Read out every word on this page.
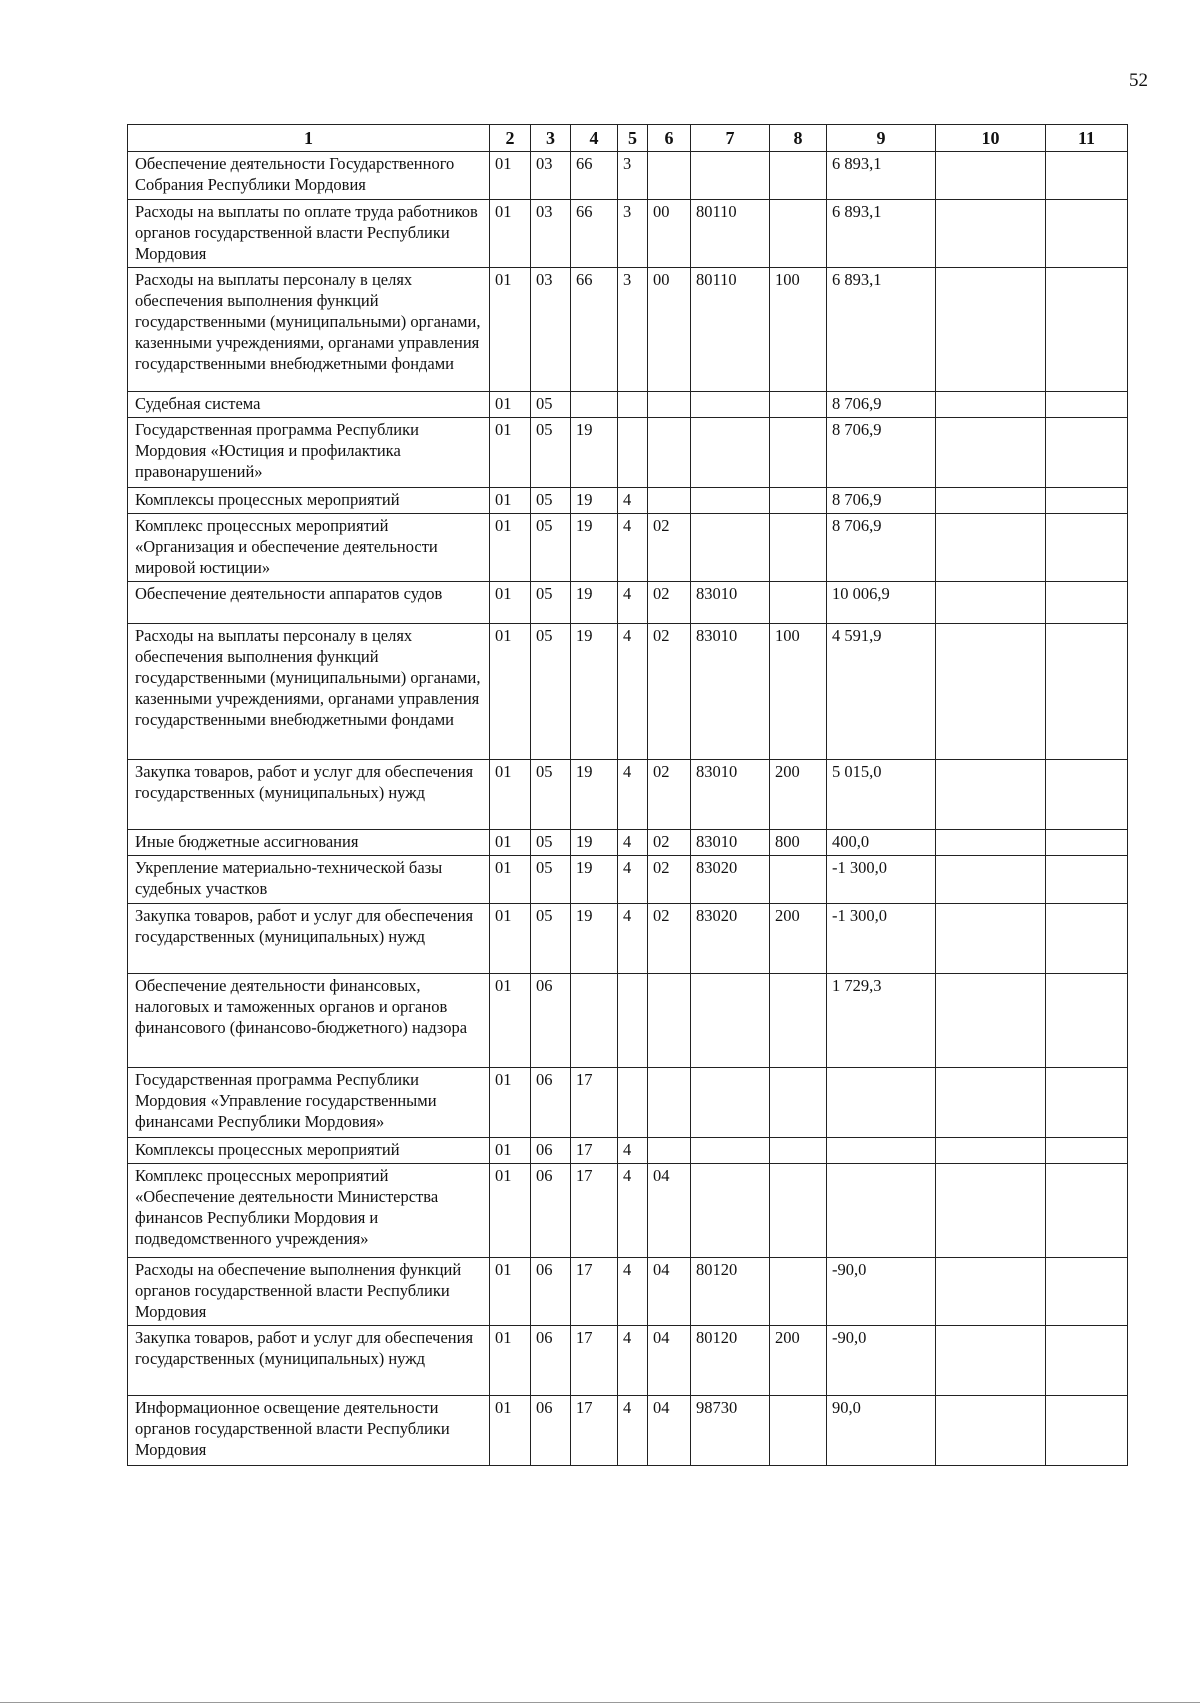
52
1	2	3	4	5	6	7	8	9	10	11
Обеспечение деятельности Государственного Собрания Республики Мордовия	01	03	66	3				6 893,1		
Расходы на выплаты по оплате труда работников органов государственной власти Республики Мордовия	01	03	66	3	00	80110		6 893,1		
Расходы на выплаты персоналу в целях обеспечения выполнения функций государственными (муниципальными) органами, казенными учреждениями, органами управления государственными внебюджетными фондами	01	03	66	3	00	80110	100	6 893,1		
Судебная система	01	05						8 706,9		
Государственная программа Республики Мордовия «Юстиция и профилактика правонарушений»	01	05	19					8 706,9		
Комплексы процессных мероприятий	01	05	19	4				8 706,9		
Комплекс процессных мероприятий «Организация и обеспечение деятельности мировой юстиции»	01	05	19	4	02			8 706,9		
Обеспечение деятельности аппаратов судов	01	05	19	4	02	83010		10 006,9		
Расходы на выплаты персоналу в целях обеспечения выполнения функций государственными (муниципальными) органами, казенными учреждениями, органами управления государственными внебюджетными фондами	01	05	19	4	02	83010	100	4 591,9		
Закупка товаров, работ и услуг для обеспечения государственных (муниципальных) нужд	01	05	19	4	02	83010	200	5 015,0		
Иные бюджетные ассигнования	01	05	19	4	02	83010	800	400,0		
Укрепление материально-технической базы судебных участков	01	05	19	4	02	83020		-1 300,0		
Закупка товаров, работ и услуг для обеспечения государственных (муниципальных) нужд	01	05	19	4	02	83020	200	-1 300,0		
Обеспечение деятельности финансовых, налоговых и таможенных органов и органов финансового (финансово-бюджетного) надзора	01	06						1 729,3		
Государственная программа Республики Мордовия «Управление государственными финансами Республики Мордовия»	01	06	17							
Комплексы процессных мероприятий	01	06	17	4						
Комплекс процессных мероприятий «Обеспечение деятельности Министерства финансов Республики Мордовия и подведомственного учреждения»	01	06	17	4	04					
Расходы на обеспечение выполнения функций органов государственной власти Республики Мордовия	01	06	17	4	04	80120		-90,0		
Закупка товаров, работ и услуг для обеспечения государственных (муниципальных) нужд	01	06	17	4	04	80120	200	-90,0		
Информационное освещение деятельности органов государственной власти Республики Мордовия	01	06	17	4	04	98730		90,0		
